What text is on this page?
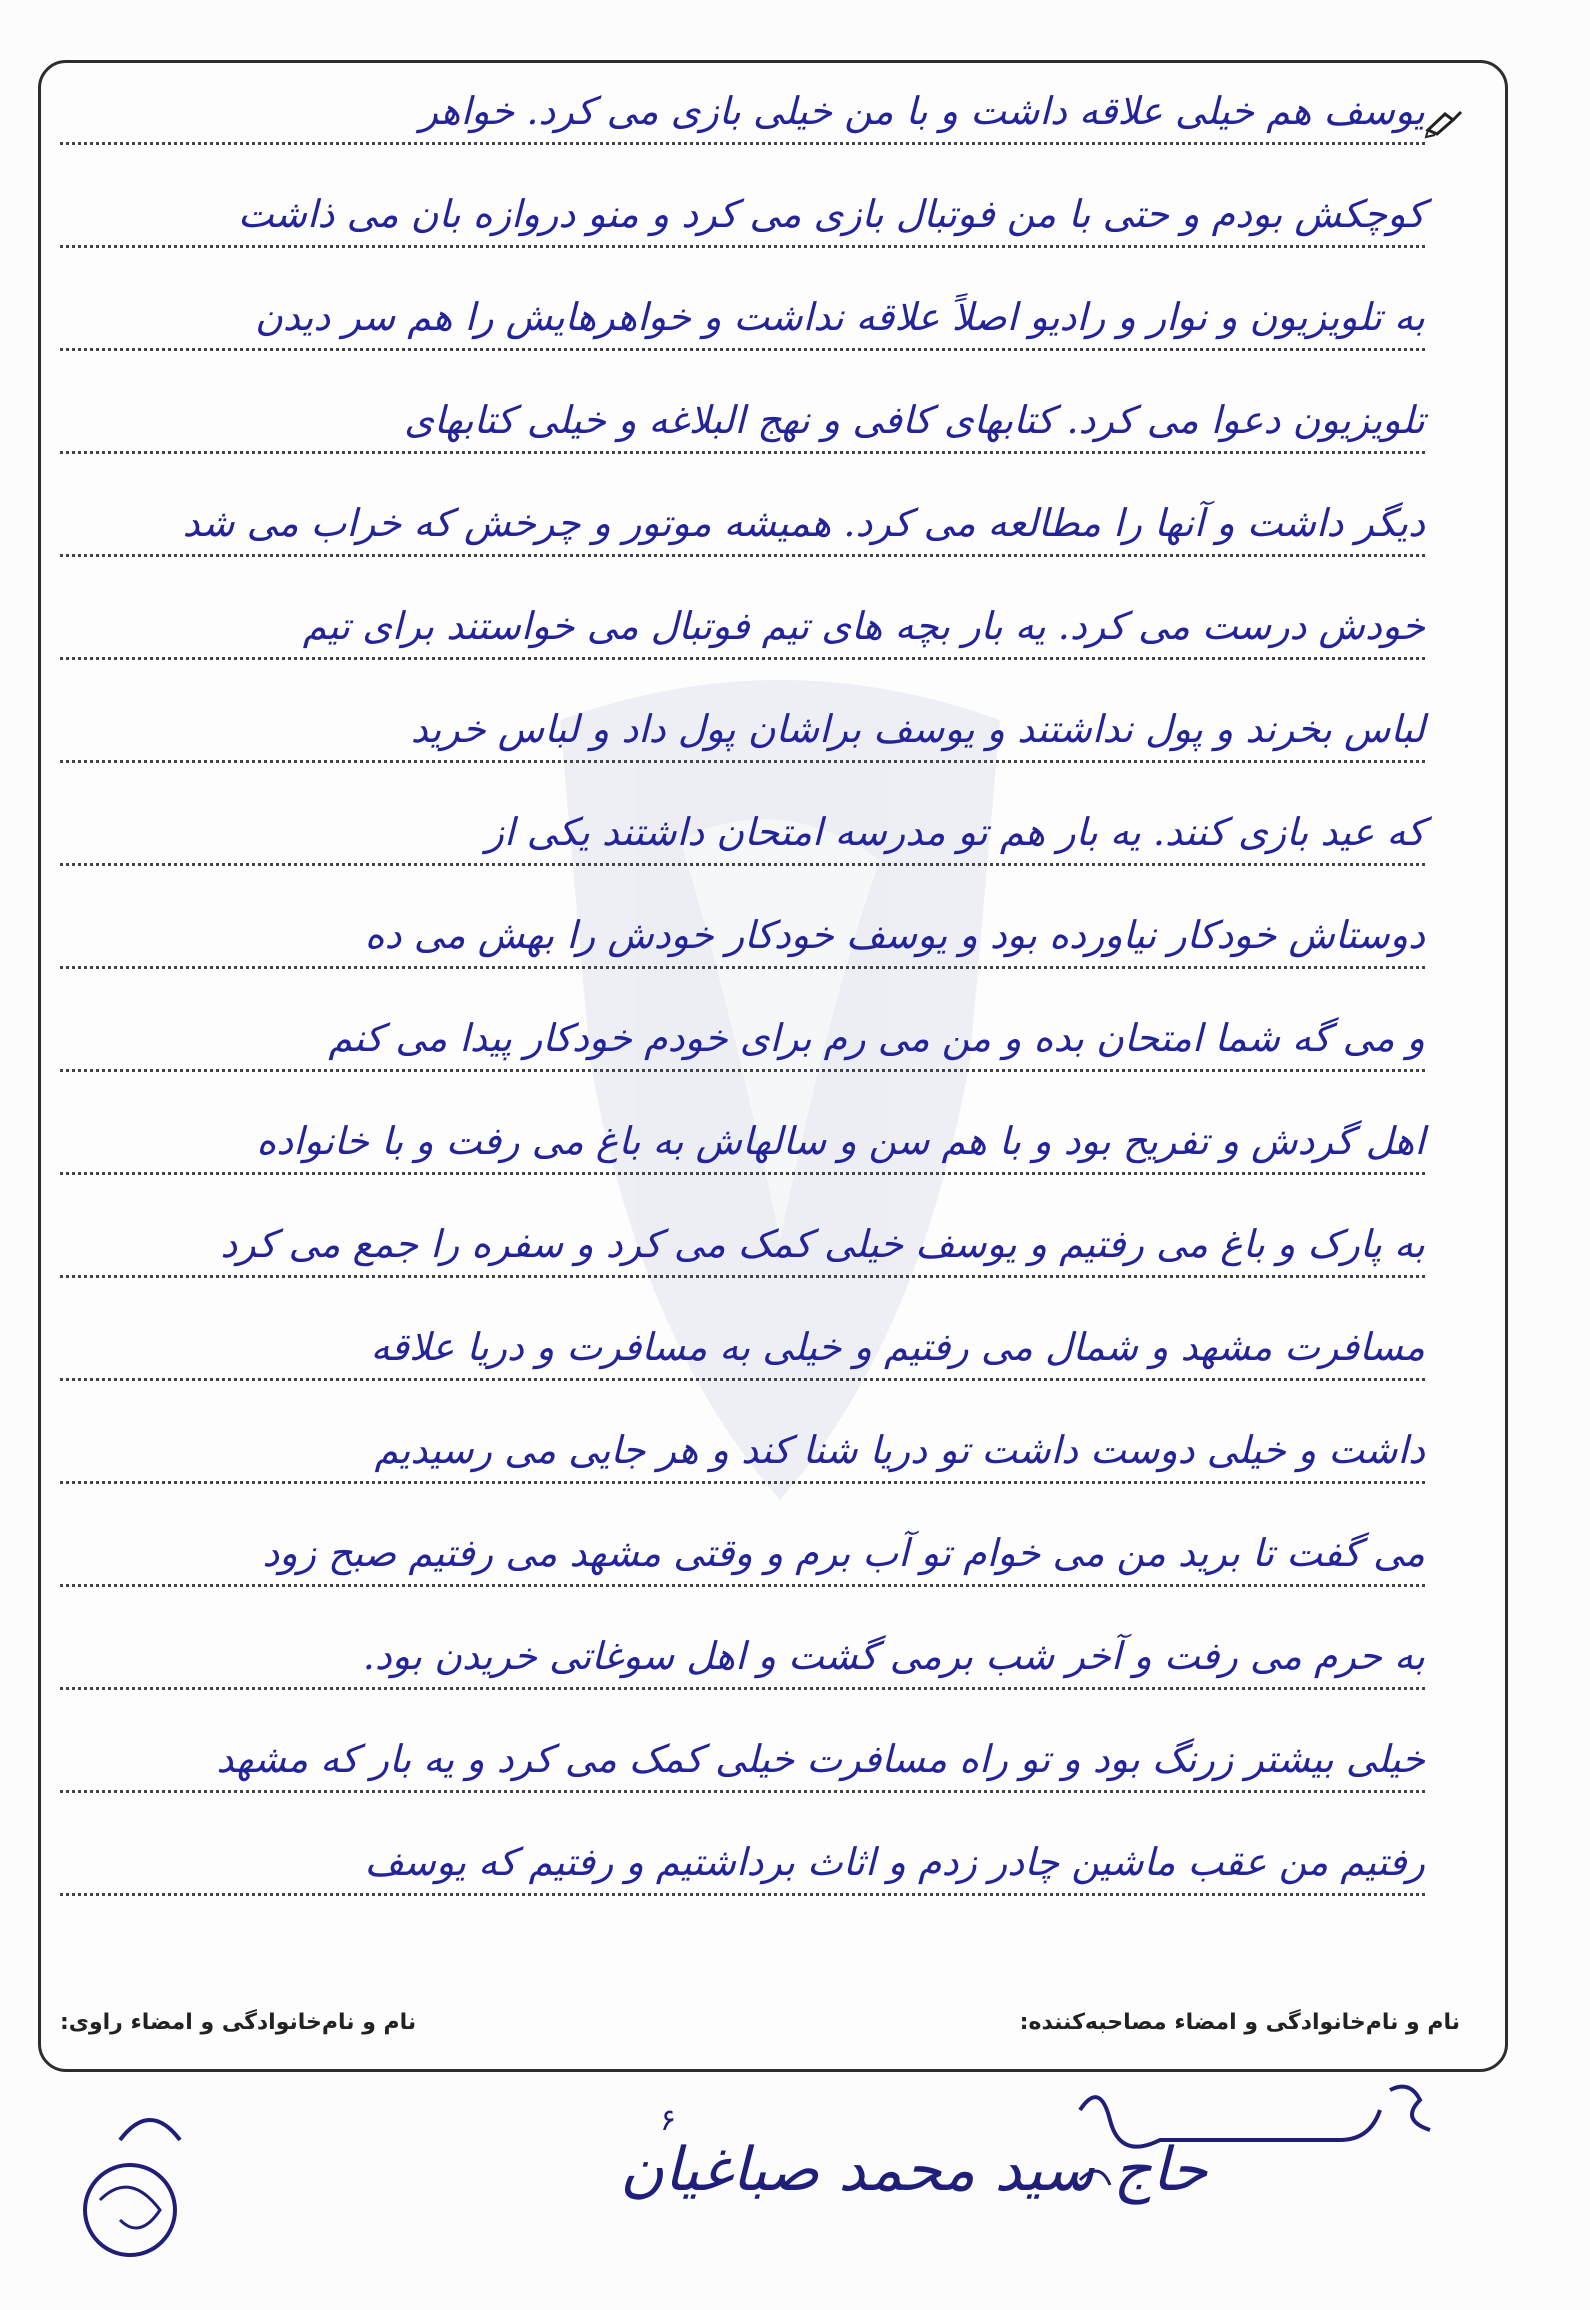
یوسف هم خیلی علاقه داشت و با من خیلی بازی می کرد. خواهر
کوچکش بودم و حتی با من فوتبال بازی می کرد و منو دروازه بان می ذاشت
به تلویزیون و نوار و رادیو اصلاً علاقه نداشت و خواهرهایش را هم سر دیدن
تلویزیون دعوا می کرد. کتابهای کافی و نهج البلاغه و خیلی کتابهای
دیگر داشت و آنها را مطالعه می کرد. همیشه موتور و چرخش که خراب می شد
خودش درست می کرد. یه بار بچه های تیم فوتبال می خواستند برای تیم
لباس بخرند و پول نداشتند و یوسف براشان پول داد و لباس خرید
که عید بازی کنند. یه بار هم تو مدرسه امتحان داشتند یکی از
دوستاش خودکار نیاورده بود و یوسف خودکار خودش را بهش می ده
و می گه شما امتحان بده و من می رم برای خودم خودکار پیدا می کنم
اهل گردش و تفریح بود و با هم سن و سالهاش به باغ می رفت و با خانواده
به پارک و باغ می رفتیم و یوسف خیلی کمک می کرد و سفره را جمع می کرد
مسافرت مشهد و شمال می رفتیم و خیلی به مسافرت و دریا علاقه
داشت و خیلی دوست داشت تو دریا شنا کند و هر جایی می رسیدیم
می گفت تا برید من می خوام تو آب برم و وقتی مشهد می رفتیم صبح زود
به حرم می رفت و آخر شب برمی گشت و اهل سوغاتی خریدن بود.
خیلی بیشتر زرنگ بود و تو راه مسافرت خیلی کمک می کرد و یه بار که مشهد
رفتیم من عقب ماشین چادر زدم و اثاث برداشتیم و رفتیم که یوسف
نام و نام‌خانوادگی و امضاء مصاحبه‌کننده:
نام و نام‌خانوادگی و امضاء راوی:
حاج سید محمد صباغیان
۶
